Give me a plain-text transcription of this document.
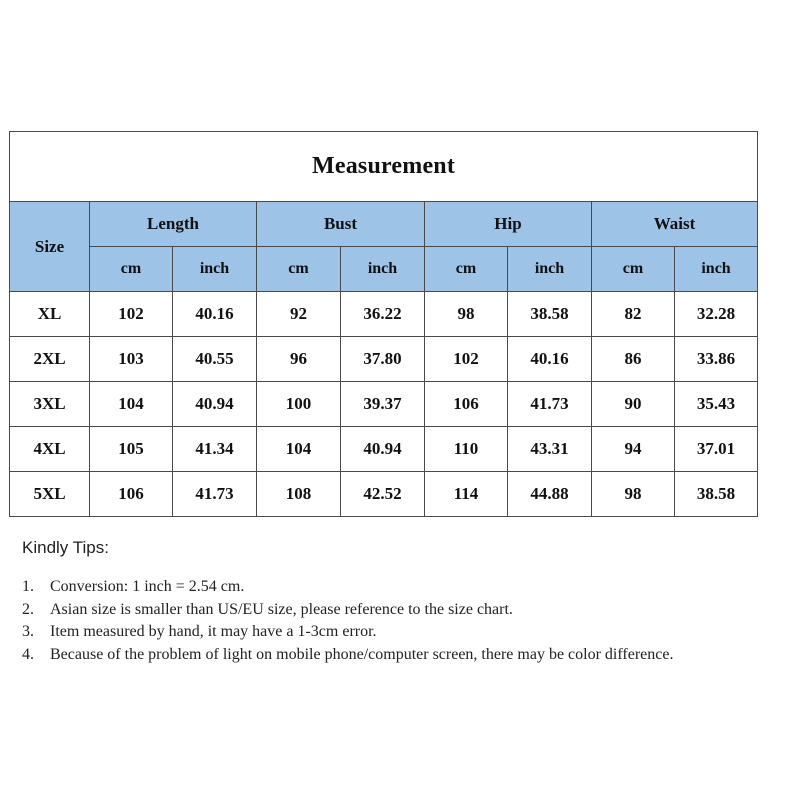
Measurement								
Size	Length		Bust		Hip		Waist	
	cm	inch	cm	inch	cm	inch	cm	inch
XL	102	40.16	92	36.22	98	38.58	82	32.28
2XL	103	40.55	96	37.80	102	40.16	86	33.86
3XL	104	40.94	100	39.37	106	41.73	90	35.43
4XL	105	41.34	104	40.94	110	43.31	94	37.01
5XL	106	41.73	108	42.52	114	44.88	98	38.58

Kindly Tips:

1.	Conversion: 1 inch = 2.54 cm.
2.	Asian size is smaller than US/EU size, please reference to the size chart.
3.	Item measured by hand, it may have a 1-3cm error.
4.	Because of the problem of light on mobile phone/computer screen, there may be color difference.
